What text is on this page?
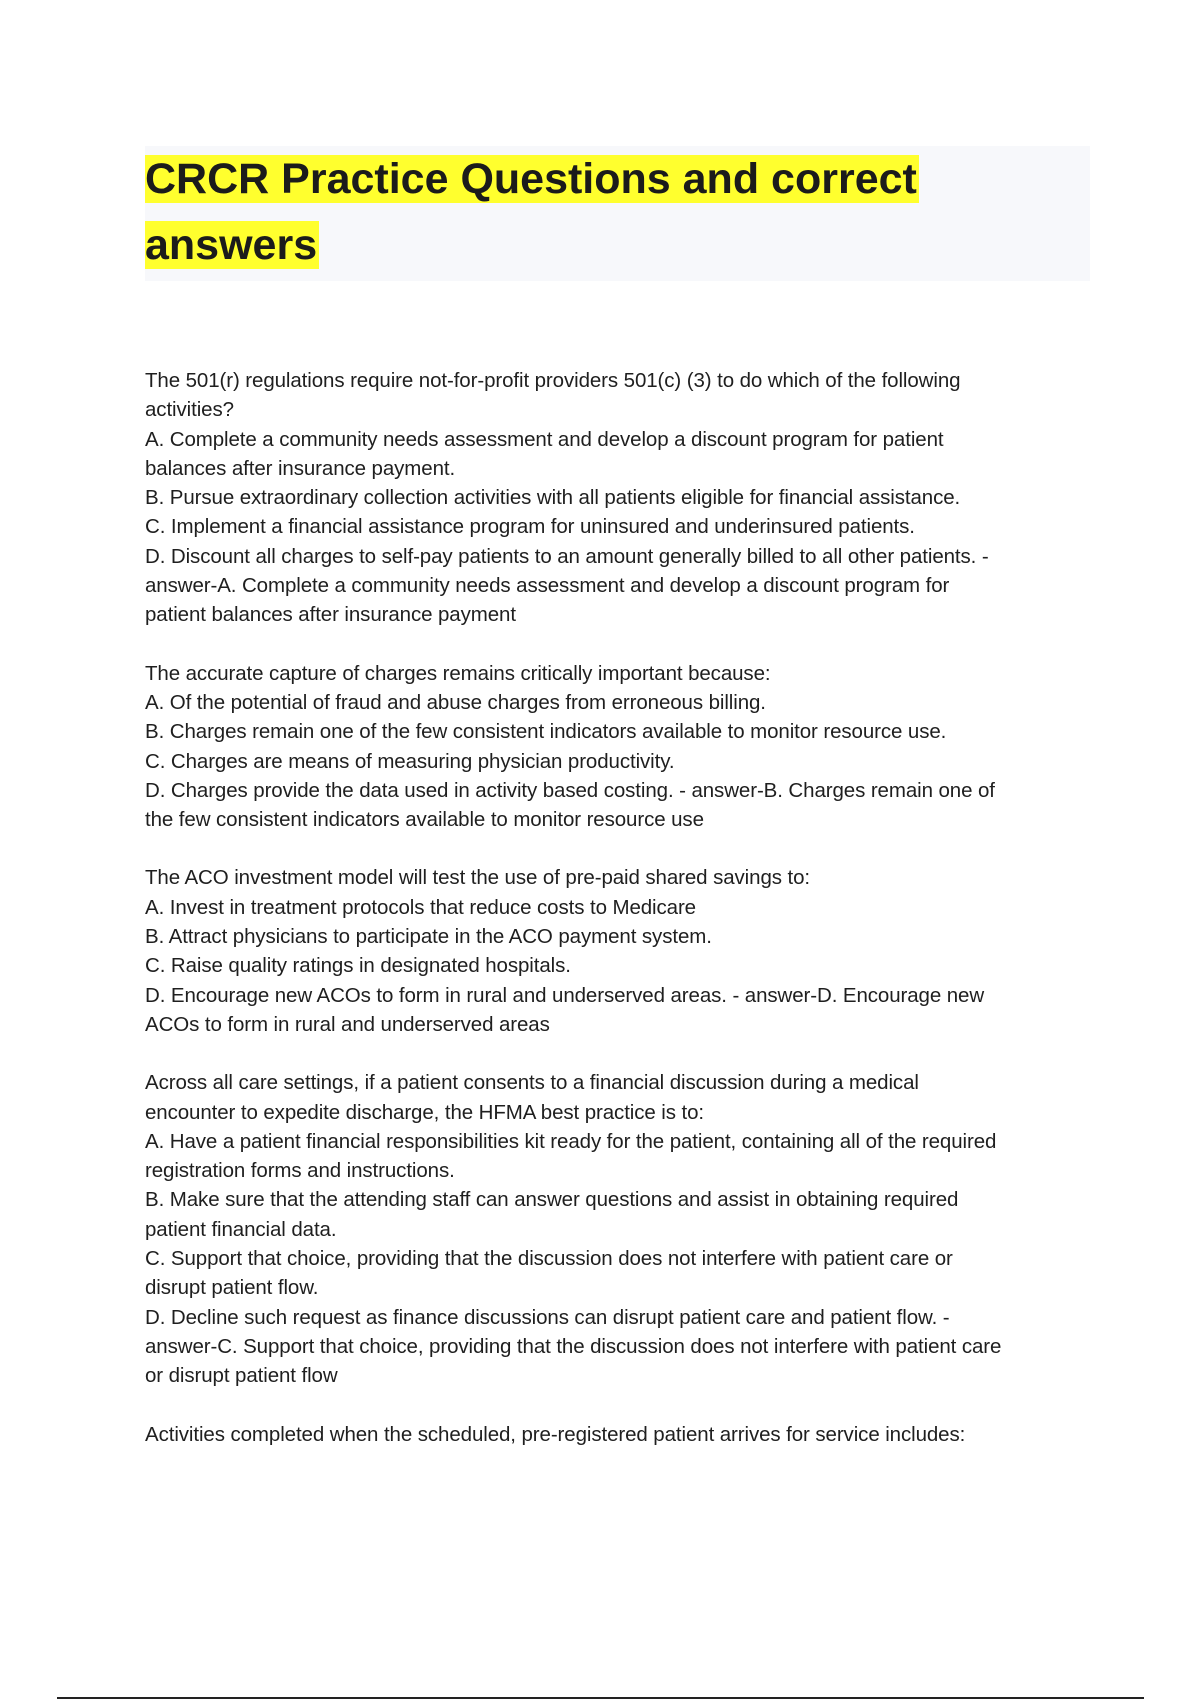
CRCR Practice Questions and correct
answers
The 501(r) regulations require not-for-profit providers 501(c) (3) to do which of the following
activities?
A. Complete a community needs assessment and develop a discount program for patient
balances after insurance payment.
B. Pursue extraordinary collection activities with all patients eligible for financial assistance.
C. Implement a financial assistance program for uninsured and underinsured patients.
D. Discount all charges to self-pay patients to an amount generally billed to all other patients. -
answer-A. Complete a community needs assessment and develop a discount program for
patient balances after insurance payment
The accurate capture of charges remains critically important because:
A. Of the potential of fraud and abuse charges from erroneous billing.
B. Charges remain one of the few consistent indicators available to monitor resource use.
C. Charges are means of measuring physician productivity.
D. Charges provide the data used in activity based costing. - answer-B. Charges remain one of
the few consistent indicators available to monitor resource use
The ACO investment model will test the use of pre-paid shared savings to:
A. Invest in treatment protocols that reduce costs to Medicare
B. Attract physicians to participate in the ACO payment system.
C. Raise quality ratings in designated hospitals.
D. Encourage new ACOs to form in rural and underserved areas. - answer-D. Encourage new
ACOs to form in rural and underserved areas
Across all care settings, if a patient consents to a financial discussion during a medical
encounter to expedite discharge, the HFMA best practice is to:
A. Have a patient financial responsibilities kit ready for the patient, containing all of the required
registration forms and instructions.
B. Make sure that the attending staff can answer questions and assist in obtaining required
patient financial data.
C. Support that choice, providing that the discussion does not interfere with patient care or
disrupt patient flow.
D. Decline such request as finance discussions can disrupt patient care and patient flow. -
answer-C. Support that choice, providing that the discussion does not interfere with patient care
or disrupt patient flow
Activities completed when the scheduled, pre-registered patient arrives for service includes:
